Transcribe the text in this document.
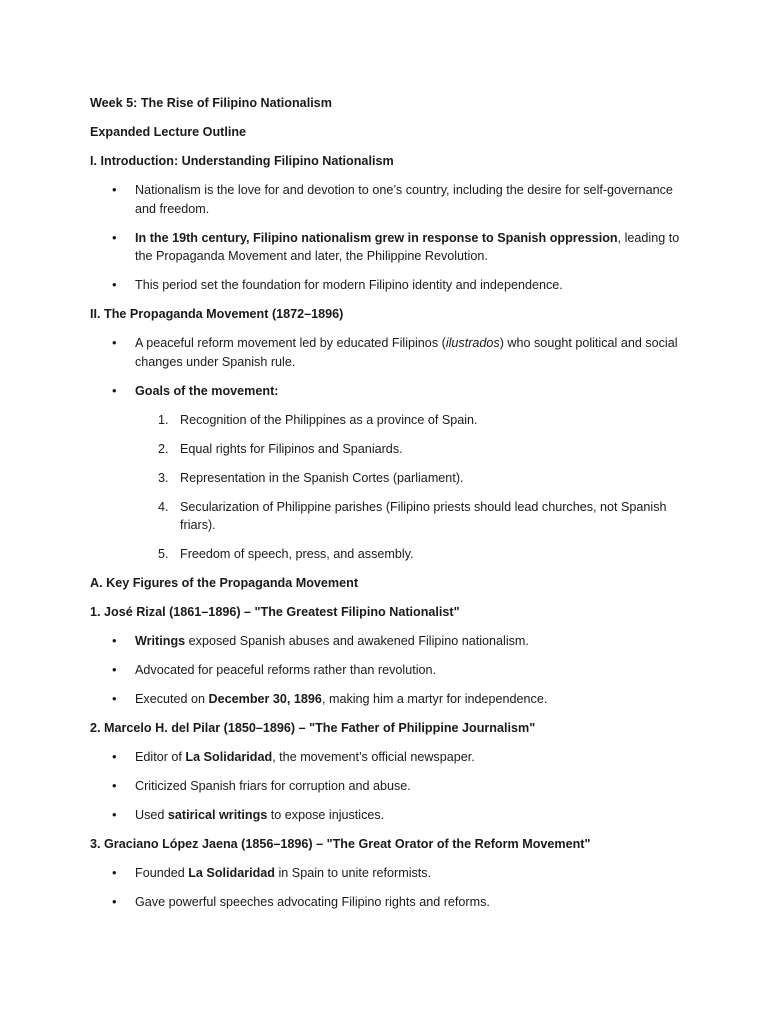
Week 5: The Rise of Filipino Nationalism

Expanded Lecture Outline

I. Introduction: Understanding Filipino Nationalism

• Nationalism is the love for and devotion to one’s country, including the desire for self-governance and freedom.
• In the 19th century, Filipino nationalism grew in response to Spanish oppression, leading to the Propaganda Movement and later, the Philippine Revolution.
• This period set the foundation for modern Filipino identity and independence.

II. The Propaganda Movement (1872–1896)

• A peaceful reform movement led by educated Filipinos (ilustrados) who sought political and social changes under Spanish rule.
• Goals of the movement:
1. Recognition of the Philippines as a province of Spain.
2. Equal rights for Filipinos and Spaniards.
3. Representation in the Spanish Cortes (parliament).
4. Secularization of Philippine parishes (Filipino priests should lead churches, not Spanish friars).
5. Freedom of speech, press, and assembly.

A. Key Figures of the Propaganda Movement

1. José Rizal (1861–1896) – "The Greatest Filipino Nationalist"

• Writings exposed Spanish abuses and awakened Filipino nationalism.
• Advocated for peaceful reforms rather than revolution.
• Executed on December 30, 1896, making him a martyr for independence.

2. Marcelo H. del Pilar (1850–1896) – "The Father of Philippine Journalism"

• Editor of La Solidaridad, the movement’s official newspaper.
• Criticized Spanish friars for corruption and abuse.
• Used satirical writings to expose injustices.

3. Graciano López Jaena (1856–1896) – "The Great Orator of the Reform Movement"

• Founded La Solidaridad in Spain to unite reformists.
• Gave powerful speeches advocating Filipino rights and reforms.
